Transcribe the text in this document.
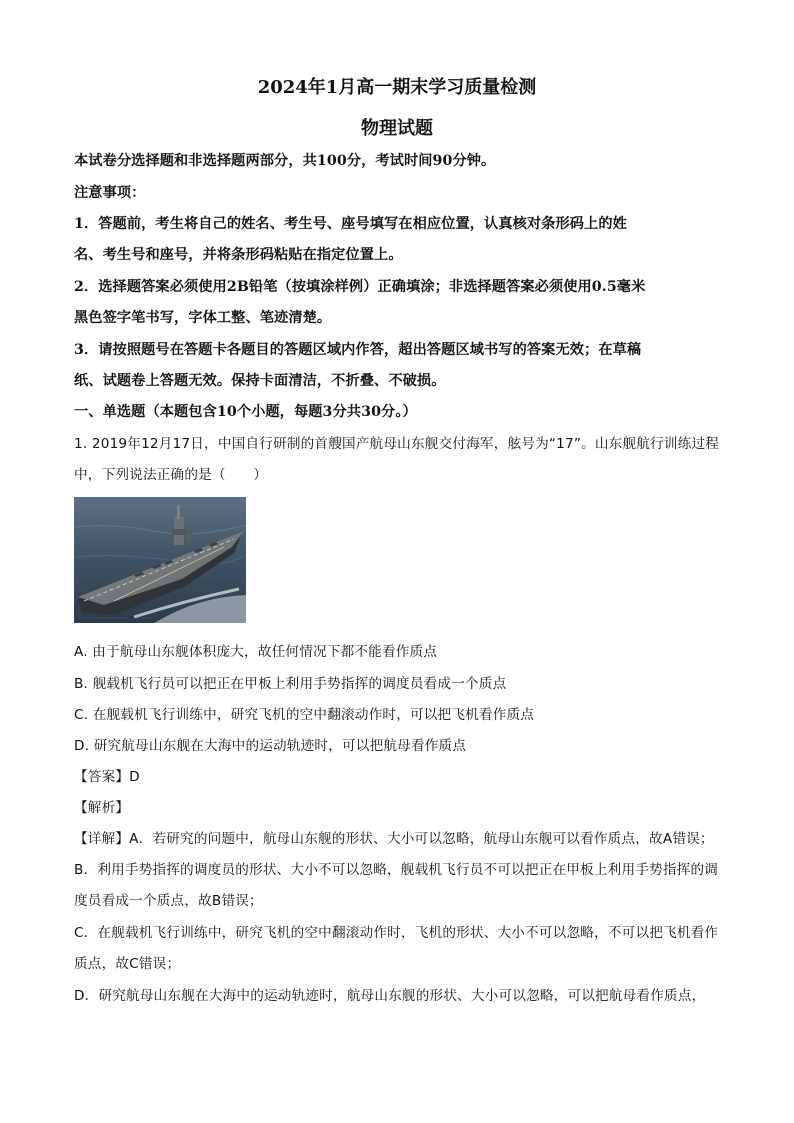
2024年1月高一期末学习质量检测
物理试题
本试卷分选择题和非选择题两部分，共100分，考试时间90分钟。
注意事项：
1．答题前，考生将自己的姓名、考生号、座号填写在相应位置，认真核对条形码上的姓
名、考生号和座号，并将条形码粘贴在指定位置上。
2．选择题答案必须使用2B铅笔（按填涂样例）正确填涂；非选择题答案必须使用0.5毫米
黑色签字笔书写，字体工整、笔迹清楚。
3．请按照题号在答题卡各题目的答题区域内作答，超出答题区域书写的答案无效；在草稿
纸、试题卷上答题无效。保持卡面清洁，不折叠、不破损。
一、单选题（本题包含10个小题，每题3分共30分。）
1. 2019年12月17日，中国自行研制的首艘国产航母山东舰交付海军，舷号为“17”。山东舰航行训练过程
中，下列说法正确的是（　　）
A. 由于航母山东舰体积庞大，故任何情况下都不能看作质点
B. 舰载机飞行员可以把正在甲板上利用手势指挥的调度员看成一个质点
C. 在舰载机飞行训练中，研究飞机的空中翻滚动作时，可以把飞机看作质点
D. 研究航母山东舰在大海中的运动轨迹时，可以把航母看作质点
【答案】D
【解析】
【详解】A．若研究的问题中，航母山东舰的形状、大小可以忽略，航母山东舰可以看作质点，故A错误；
B．利用手势指挥的调度员的形状、大小不可以忽略，舰载机飞行员不可以把正在甲板上利用手势指挥的调
度员看成一个质点，故B错误；
C．在舰载机飞行训练中，研究飞机的空中翻滚动作时，飞机的形状、大小不可以忽略，不可以把飞机看作
质点，故C错误；
D．研究航母山东舰在大海中的运动轨迹时，航母山东舰的形状、大小可以忽略，可以把航母看作质点，
